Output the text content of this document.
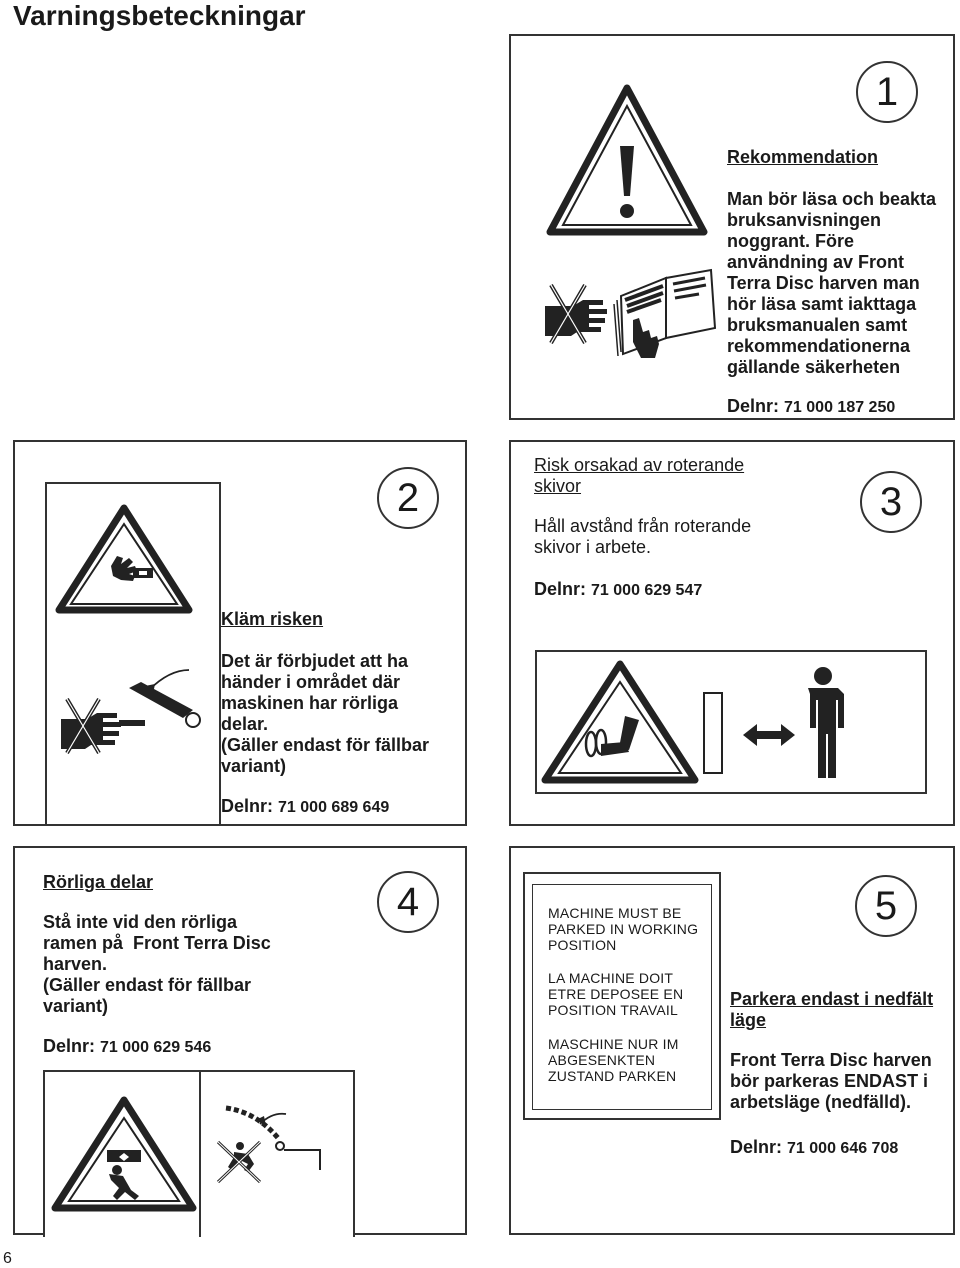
Varningsbeteckningar
1
Rekommendation
Man bör läsa och beakta
bruksanvisningen
noggrant. Före
användning av Front
Terra Disc harven man
hör läsa samt iakttaga
bruksmanualen samt
rekommendationerna
gällande säkerheten
Delnr: 71 000 187 250
2
Kläm risken
Det är förbjudet att ha
händer i området där
maskinen har rörliga
delar.
(Gäller endast för fällbar
variant)
Delnr: 71 000 689 649
3
Risk orsakad av roterande
skivor
Håll avstånd från roterande
skivor i arbete.
Delnr: 71 000 629 547
4
Rörliga delar
Stå inte vid den rörliga
ramen på  Front Terra Disc
harven.
(Gäller endast för fällbar
variant)
Delnr: 71 000 629 546
5
MACHINE MUST BE
PARKED IN WORKING
POSITION
LA MACHINE DOIT
ETRE DEPOSEE EN
POSITION TRAVAIL
MASCHINE NUR IM
ABGESENKTEN
ZUSTAND PARKEN
Parkera endast i nedfält
läge
Front Terra Disc harven
bör parkeras ENDAST i
arbetsläge (nedfälld).
Delnr: 71 000 646 708
6
